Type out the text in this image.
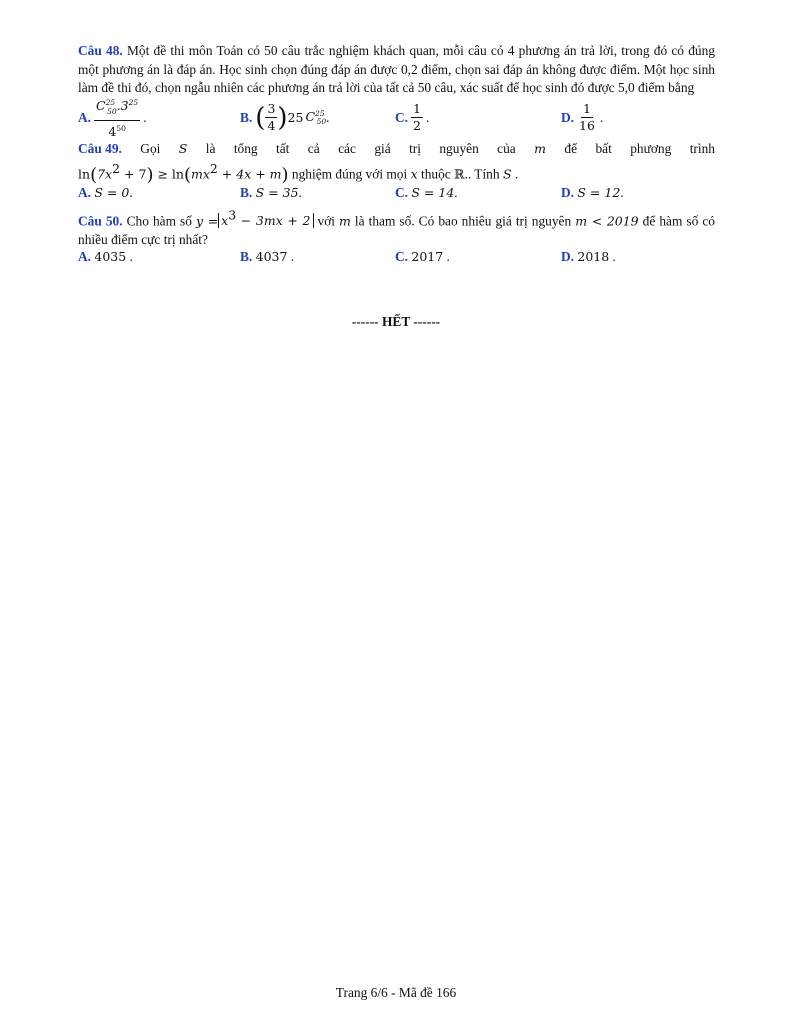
Câu 48. Một đề thi môn Toán có 50 câu trắc nghiệm khách quan, mỗi câu có 4 phương án trả lời, trong đó có đúng một phương án là đáp án. Học sinh chọn đúng đáp án được 0,2 điểm, chọn sai đáp án không được điểm. Một học sinh làm đề thi đó, chọn ngẫu nhiên các phương án trả lời của tất cả 50 câu, xác suất để học sinh đó được 5,0 điểm bằng
A. $\frac{C^{25}_{50}.3^{25}}{4^{50}}$ .	B. ( $\frac{3}{4}$ ) 25 $C^{25}_{50}$ .	C. $\frac{1}{2}$ .	D. $\frac{1}{16}$ .
Câu 49. Gọi S là tổng tất cả các giá trị nguyên của m để bất phương trình
$\ln(7x^2 + 7) \ge \ln(mx^2 + 4x + m)$ nghiệm đúng với mọi x thuộc ℝ.. Tính S .
A. S = 0.	B. S = 35.	C. S = 14.	D. S = 12.
Câu 50. Cho hàm số $y = x^3 - 3mx + 2$ với m là tham số. Có bao nhiêu giá trị nguyên m < 2019 để hàm số có nhiều điểm cực trị nhất?
A. 4035 .	B. 4037 .	C. 2017 .	D. 2018 .
------ HẾT ------
Trang 6/6 - Mã đề 166
